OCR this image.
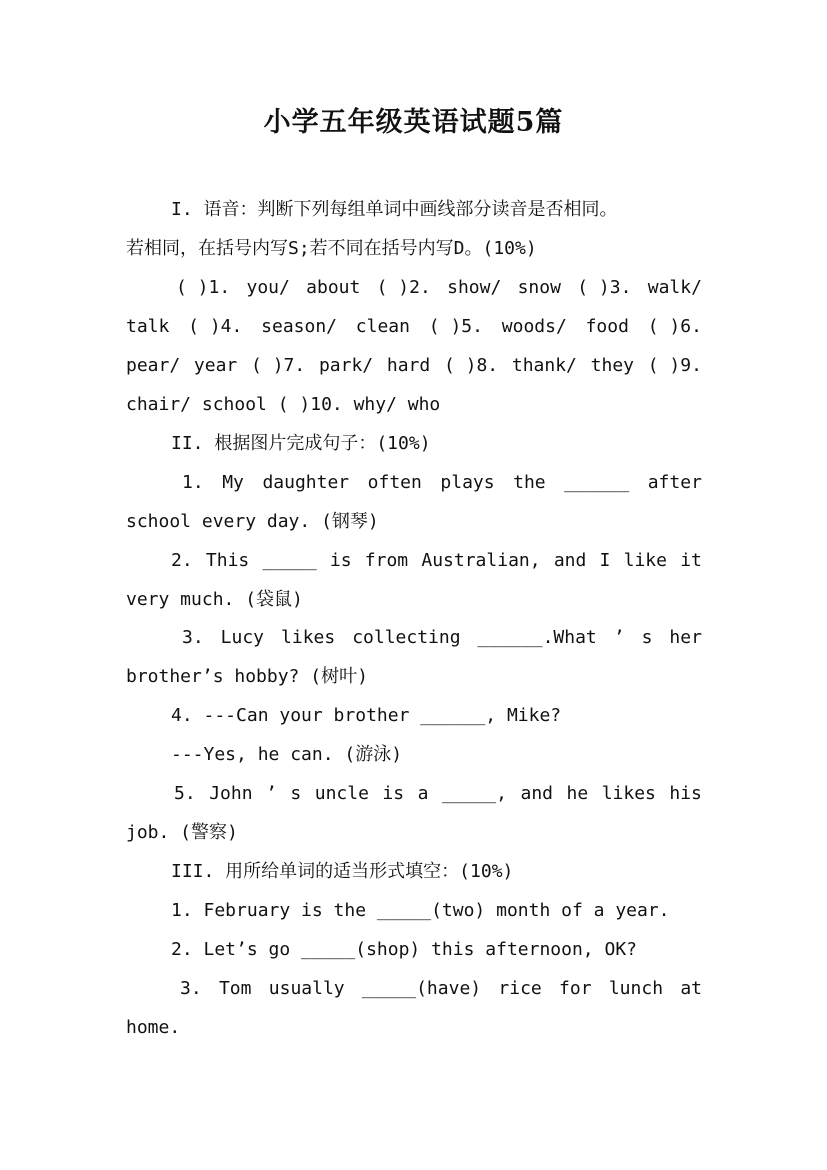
小学五年级英语试题5篇
I. 语音：判断下列每组单词中画线部分读音是否相同。
若相同，在括号内写S;若不同在括号内写D。(10%)
( )1. you/ about ( )2. show/ snow ( )3. walk/
talk ( )4. season/ clean ( )5. woods/ food ( )6.
pear/ year ( )7. park/ hard ( )8. thank/ they ( )9.
chair/ school ( )10. why/ who
II. 根据图片完成句子：(10%)
1. My daughter often plays the ______ after
school every day. (钢琴)
2. This _____ is from Australian, and I like it
very much. (袋鼠)
3. Lucy likes collecting ______.What ’ s her
brother’s hobby? (树叶)
4. ---Can your brother ______, Mike?
---Yes, he can. (游泳)
5. John ’ s uncle is a _____, and he likes his
job. (警察)
III. 用所给单词的适当形式填空：(10%)
1. February is the _____(two) month of a year.
2. Let’s go _____(shop) this afternoon, OK?
3. Tom usually _____(have) rice for lunch at
home.
